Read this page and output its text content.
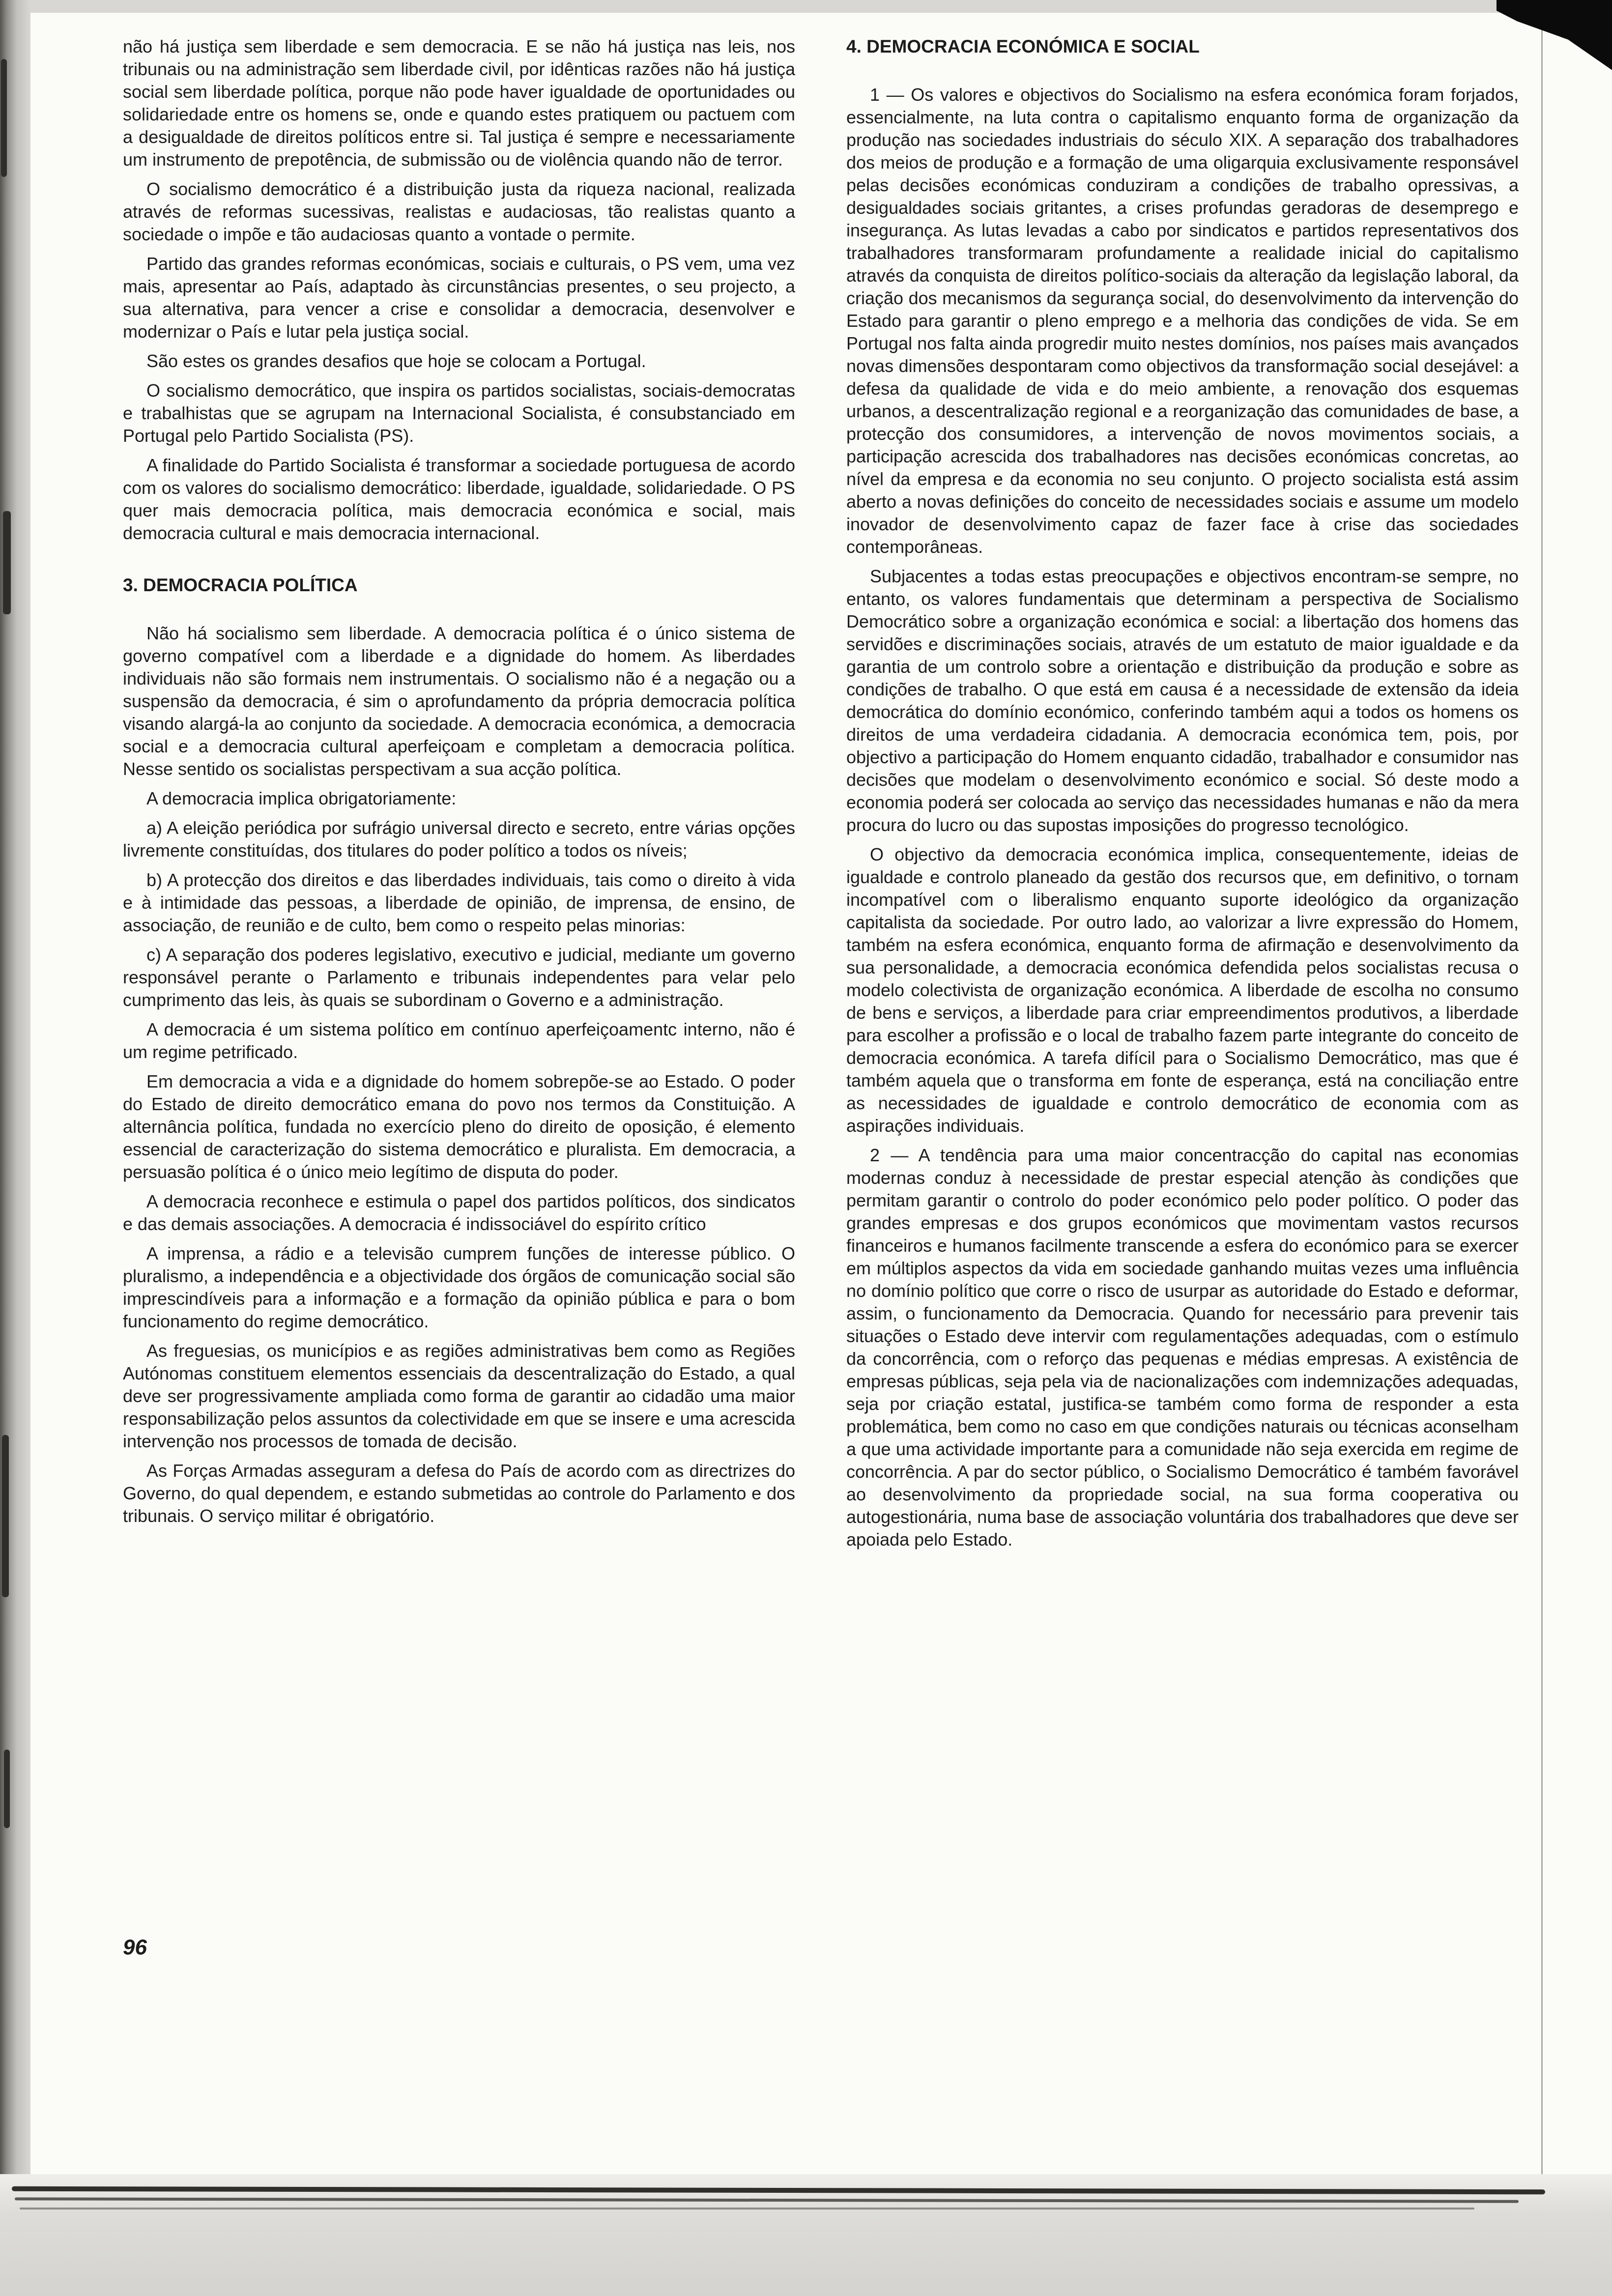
não há justiça sem liberdade e sem democracia. E se não há justiça nas leis, nos tribunais ou na administração sem liberdade civil, por idênticas razões não há justiça social sem liberdade política, porque não pode haver igualdade de oportunidades ou solidariedade entre os homens se, onde e quando estes pratiquem ou pactuem com a desigualdade de direitos políticos entre si. Tal justiça é sempre e necessariamente um instrumento de prepotência, de submissão ou de violência quando não de terror.

O socialismo democrático é a distribuição justa da riqueza nacional, realizada através de reformas sucessivas, realistas e audaciosas, tão realistas quanto a sociedade o impõe e tão audaciosas quanto a vontade o permite.

Partido das grandes reformas económicas, sociais e culturais, o PS vem, uma vez mais, apresentar ao País, adaptado às circunstâncias presentes, o seu projecto, a sua alternativa, para vencer a crise e consolidar a democracia, desenvolver e modernizar o País e lutar pela justiça social.

São estes os grandes desafios que hoje se colocam a Portugal.

O socialismo democrático, que inspira os partidos socialistas, sociais-democratas e trabalhistas que se agrupam na Internacional Socialista, é consubstanciado em Portugal pelo Partido Socialista (PS).

A finalidade do Partido Socialista é transformar a sociedade portuguesa de acordo com os valores do socialismo democrático: liberdade, igualdade, solidariedade. O PS quer mais democracia política, mais democracia económica e social, mais democracia cultural e mais democracia internacional.

3. DEMOCRACIA POLÍTICA

Não há socialismo sem liberdade. A democracia política é o único sistema de governo compatível com a liberdade e a dignidade do homem. As liberdades individuais não são formais nem instrumentais. O socialismo não é a negação ou a suspensão da democracia, é sim o aprofundamento da própria democracia política visando alargá-la ao conjunto da sociedade. A democracia económica, a democracia social e a democracia cultural aperfeiçoam e completam a democracia política. Nesse sentido os socialistas perspectivam a sua acção política.

A democracia implica obrigatoriamente:

a) A eleição periódica por sufrágio universal directo e secreto, entre várias opções livremente constituídas, dos titulares do poder político a todos os níveis;

b) A protecção dos direitos e das liberdades individuais, tais como o direito à vida e à intimidade das pessoas, a liberdade de opinião, de imprensa, de ensino, de associação, de reunião e de culto, bem como o respeito pelas minorias:

c) A separação dos poderes legislativo, executivo e judicial, mediante um governo responsável perante o Parlamento e tribunais independentes para velar pelo cumprimento das leis, às quais se subordinam o Governo e a administração.

A democracia é um sistema político em contínuo aperfeiçoamentc interno, não é um regime petrificado.

Em democracia a vida e a dignidade do homem sobrepõe-se ao Estado. O poder do Estado de direito democrático emana do povo nos termos da Constituição. A alternância política, fundada no exercício pleno do direito de oposição, é elemento essencial de caracterização do sistema democrático e pluralista. Em democracia, a persuasão política é o único meio legítimo de disputa do poder.

A democracia reconhece e estimula o papel dos partidos políticos, dos sindicatos e das demais associações. A democracia é indissociável do espírito crítico

A imprensa, a rádio e a televisão cumprem funções de interesse público. O pluralismo, a independência e a objectividade dos órgãos de comunicação social são imprescindíveis para a informação e a formação da opinião pública e para o bom funcionamento do regime democrático.

As freguesias, os municípios e as regiões administrativas bem como as Regiões Autónomas constituem elementos essenciais da descentralização do Estado, a qual deve ser progressivamente ampliada como forma de garantir ao cidadão uma maior responsabilização pelos assuntos da colectividade em que se insere e uma acrescida intervenção nos processos de tomada de decisão.

As Forças Armadas asseguram a defesa do País de acordo com as directrizes do Governo, do qual dependem, e estando submetidas ao controle do Parlamento e dos tribunais. O serviço militar é obrigatório.

4. DEMOCRACIA ECONÓMICA E SOCIAL

1 — Os valores e objectivos do Socialismo na esfera económica foram forjados, essencialmente, na luta contra o capitalismo enquanto forma de organização da produção nas sociedades industriais do século XIX. A separação dos trabalhadores dos meios de produção e a formação de uma oligarquia exclusivamente responsável pelas decisões económicas conduziram a condições de trabalho opressivas, a desigualdades sociais gritantes, a crises profundas geradoras de desemprego e insegurança. As lutas levadas a cabo por sindicatos e partidos representativos dos trabalhadores transformaram profundamente a realidade inicial do capitalismo através da conquista de direitos político-sociais da alteração da legislação laboral, da criação dos mecanismos da segurança social, do desenvolvimento da intervenção do Estado para garantir o pleno emprego e a melhoria das condições de vida. Se em Portugal nos falta ainda progredir muito nestes domínios, nos países mais avançados novas dimensões despontaram como objectivos da transformação social desejável: a defesa da qualidade de vida e do meio ambiente, a renovação dos esquemas urbanos, a descentralização regional e a reorganização das comunidades de base, a protecção dos consumidores, a intervenção de novos movimentos sociais, a participação acrescida dos trabalhadores nas decisões económicas concretas, ao nível da empresa e da economia no seu conjunto. O projecto socialista está assim aberto a novas definições do conceito de necessidades sociais e assume um modelo inovador de desenvolvimento capaz de fazer face à crise das sociedades contemporâneas.

Subjacentes a todas estas preocupações e objectivos encontram-se sempre, no entanto, os valores fundamentais que determinam a perspectiva de Socialismo Democrático sobre a organização económica e social: a libertação dos homens das servidões e discriminações sociais, através de um estatuto de maior igualdade e da garantia de um controlo sobre a orientação e distribuição da produção e sobre as condições de trabalho. O que está em causa é a necessidade de extensão da ideia democrática do domínio económico, conferindo também aqui a todos os homens os direitos de uma verdadeira cidadania. A democracia económica tem, pois, por objectivo a participação do Homem enquanto cidadão, trabalhador e consumidor nas decisões que modelam o desenvolvimento económico e social. Só deste modo a economia poderá ser colocada ao serviço das necessidades humanas e não da mera procura do lucro ou das supostas imposições do progresso tecnológico.

O objectivo da democracia económica implica, consequentemente, ideias de igualdade e controlo planeado da gestão dos recursos que, em definitivo, o tornam incompatível com o liberalismo enquanto suporte ideológico da organização capitalista da sociedade. Por outro lado, ao valorizar a livre expressão do Homem, também na esfera económica, enquanto forma de afirmação e desenvolvimento da sua personalidade, a democracia económica defendida pelos socialistas recusa o modelo colectivista de organização económica. A liberdade de escolha no consumo de bens e serviços, a liberdade para criar empreendimentos produtivos, a liberdade para escolher a profissão e o local de trabalho fazem parte integrante do conceito de democracia económica. A tarefa difícil para o Socialismo Democrático, mas que é também aquela que o transforma em fonte de esperança, está na conciliação entre as necessidades de igualdade e controlo democrático de economia com as aspirações individuais.

2 — A tendência para uma maior concentracção do capital nas economias modernas conduz à necessidade de prestar especial atenção às condições que permitam garantir o controlo do poder económico pelo poder político. O poder das grandes empresas e dos grupos económicos que movimentam vastos recursos financeiros e humanos facilmente transcende a esfera do económico para se exercer em múltiplos aspectos da vida em sociedade ganhando muitas vezes uma influência no domínio político que corre o risco de usurpar as autoridade do Estado e deformar, assim, o funcionamento da Democracia. Quando for necessário para prevenir tais situações o Estado deve intervir com regulamentações adequadas, com o estímulo da concorrência, com o reforço das pequenas e médias empresas. A existência de empresas públicas, seja pela via de nacionalizações com indemnizações adequadas, seja por criação estatal, justifica-se também como forma de responder a esta problemática, bem como no caso em que condições naturais ou técnicas aconselham a que uma actividade importante para a comunidade não seja exercida em regime de concorrência. A par do sector público, o Socialismo Democrático é também favorável ao desenvolvimento da propriedade social, na sua forma cooperativa ou autogestionária, numa base de associação voluntária dos trabalhadores que deve ser apoiada pelo Estado.

96
